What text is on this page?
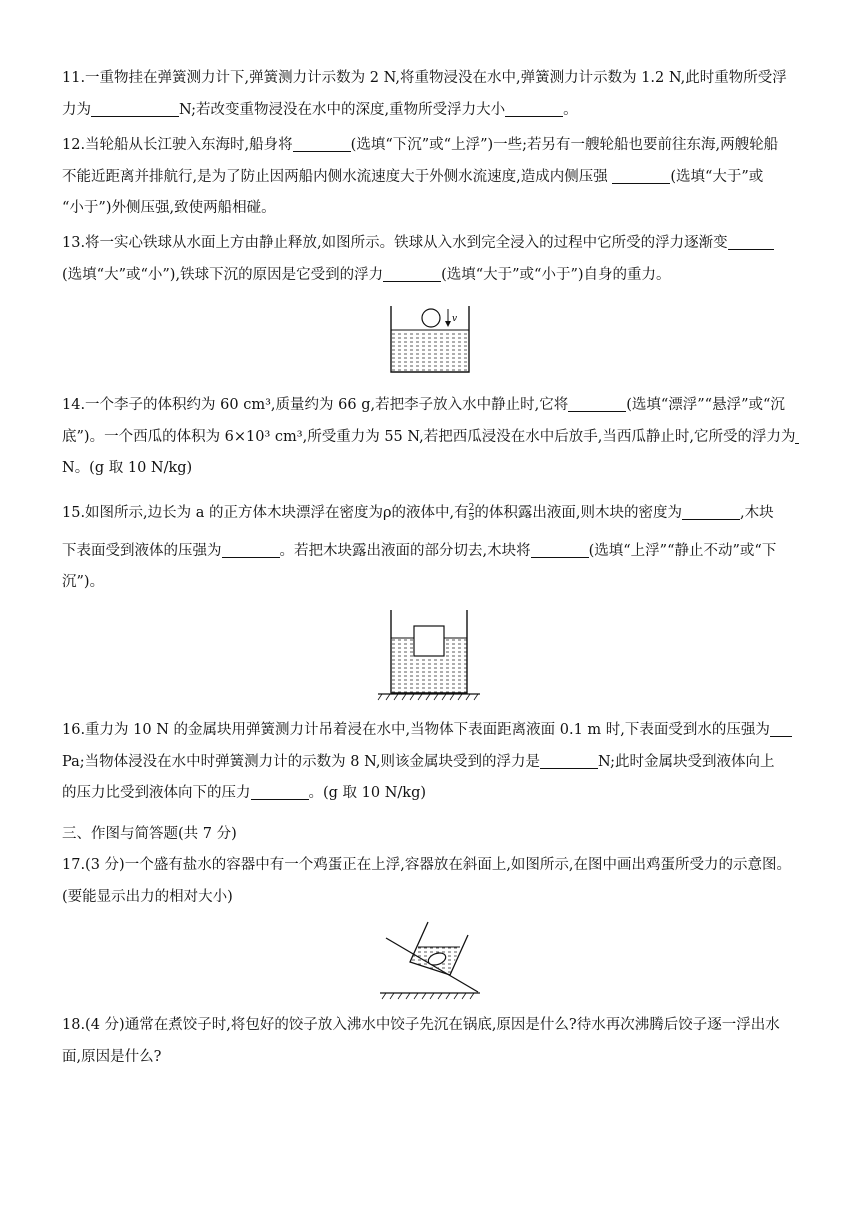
11.一重物挂在弹簧测力计下,弹簧测力计示数为 2 N,将重物浸没在水中,弹簧测力计示数为 1.2 N,此时重物所受浮

力为	N;若改变重物浸没在水中的深度,重物所受浮力大小	。

12.当轮船从长江驶入东海时,船身将	(选填“下沉”或“上浮”)一些;若另有一艘轮船也要前往东海,两艘轮船

不能近距离并排航行,是为了防止因两船内侧水流速度大于外侧水流速度,造成内侧压强	(选填“大于”或

“小于”)外侧压强,致使两船相碰。

13.将一实心铁球从水面上方由静止释放,如图所示。铁球从入水到完全浸入的过程中它所受的浮力逐渐变

(选填“大”或“小”),铁球下沉的原因是它受到的浮力	(选填“大于”或“小于”)自身的重力。

v

14.一个李子的体积约为 60 cm³,质量约为 66 g,若把李子放入水中静止时,它将	(选填“漂浮”“悬浮”或“沉

底”)。一个西瓜的体积为 6×10³ cm³,所受重力为 55 N,若把西瓜浸没在水中后放手,当西瓜静止时,它所受的浮力为

N。(g 取 10 N/kg)

15.如图所示,边长为 a 的正方体木块漂浮在密度为ρ的液体中,有 $\frac{2}{5}$ 的体积露出液面,则木块的密度为	,木块

下表面受到液体的压强为	。若把木块露出液面的部分切去,木块将	(选填“上浮”“静止不动”或“下

沉”)。

16.重力为 10 N 的金属块用弹簧测力计吊着浸在水中,当物体下表面距离液面 0.1 m 时,下表面受到水的压强为

Pa;当物体浸没在水中时弹簧测力计的示数为 8 N,则该金属块受到的浮力是	N;此时金属块受到液体向上

的压力比受到液体向下的压力	。(g 取 10 N/kg)

三、作图与简答题(共 7 分)

17.(3 分)一个盛有盐水的容器中有一个鸡蛋正在上浮,容器放在斜面上,如图所示,在图中画出鸡蛋所受力的示意图。

(要能显示出力的相对大小)

18.(4 分)通常在煮饺子时,将包好的饺子放入沸水中饺子先沉在锅底,原因是什么?待水再次沸腾后饺子逐一浮出水

面,原因是什么?
